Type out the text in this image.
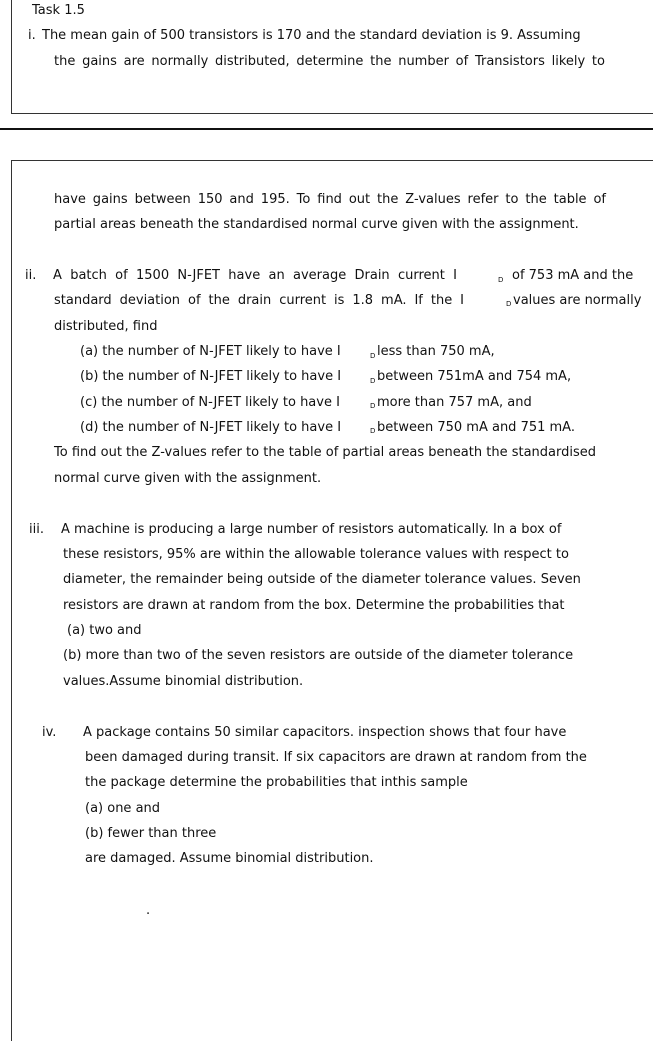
Task 1.5
i. The mean gain of 500 transistors is 170 and the standard deviation is 9. Assuming
the gains are normally distributed, determine the number of Transistors likely to
have gains between 150 and 195. To find out the Z-values refer to the table of
partial areas beneath the standardised normal curve given with the assignment.
ii. A batch of 1500 N-JFET have an average Drain current I	D of 753 mA and the
standard deviation of the drain current is 1.8 mA. If the I	D values are normally
distributed, find
(a) the number of N-JFET likely to have I	D less than 750 mA,
(b) the number of N-JFET likely to have I	D between 751mA and 754 mA,
(c) the number of N-JFET likely to have I	D more than 757 mA, and
(d) the number of N-JFET likely to have I	D between 750 mA and 751 mA.
To find out the Z-values refer to the table of partial areas beneath the standardised
normal curve given with the assignment.
iii. A machine is producing a large number of resistors automatically. In a box of
these resistors, 95% are within the allowable tolerance values with respect to
diameter, the remainder being outside of the diameter tolerance values. Seven
resistors are drawn at random from the box. Determine the probabilities that
(a) two and
(b) more than two of the seven resistors are outside of the diameter tolerance
values.Assume binomial distribution.
iv. A package contains 50 similar capacitors. inspection shows that four have
been damaged during transit. If six capacitors are drawn at random from the
the package determine the probabilities that inthis sample
(a) one and
(b) fewer than three
are damaged. Assume binomial distribution.
.
